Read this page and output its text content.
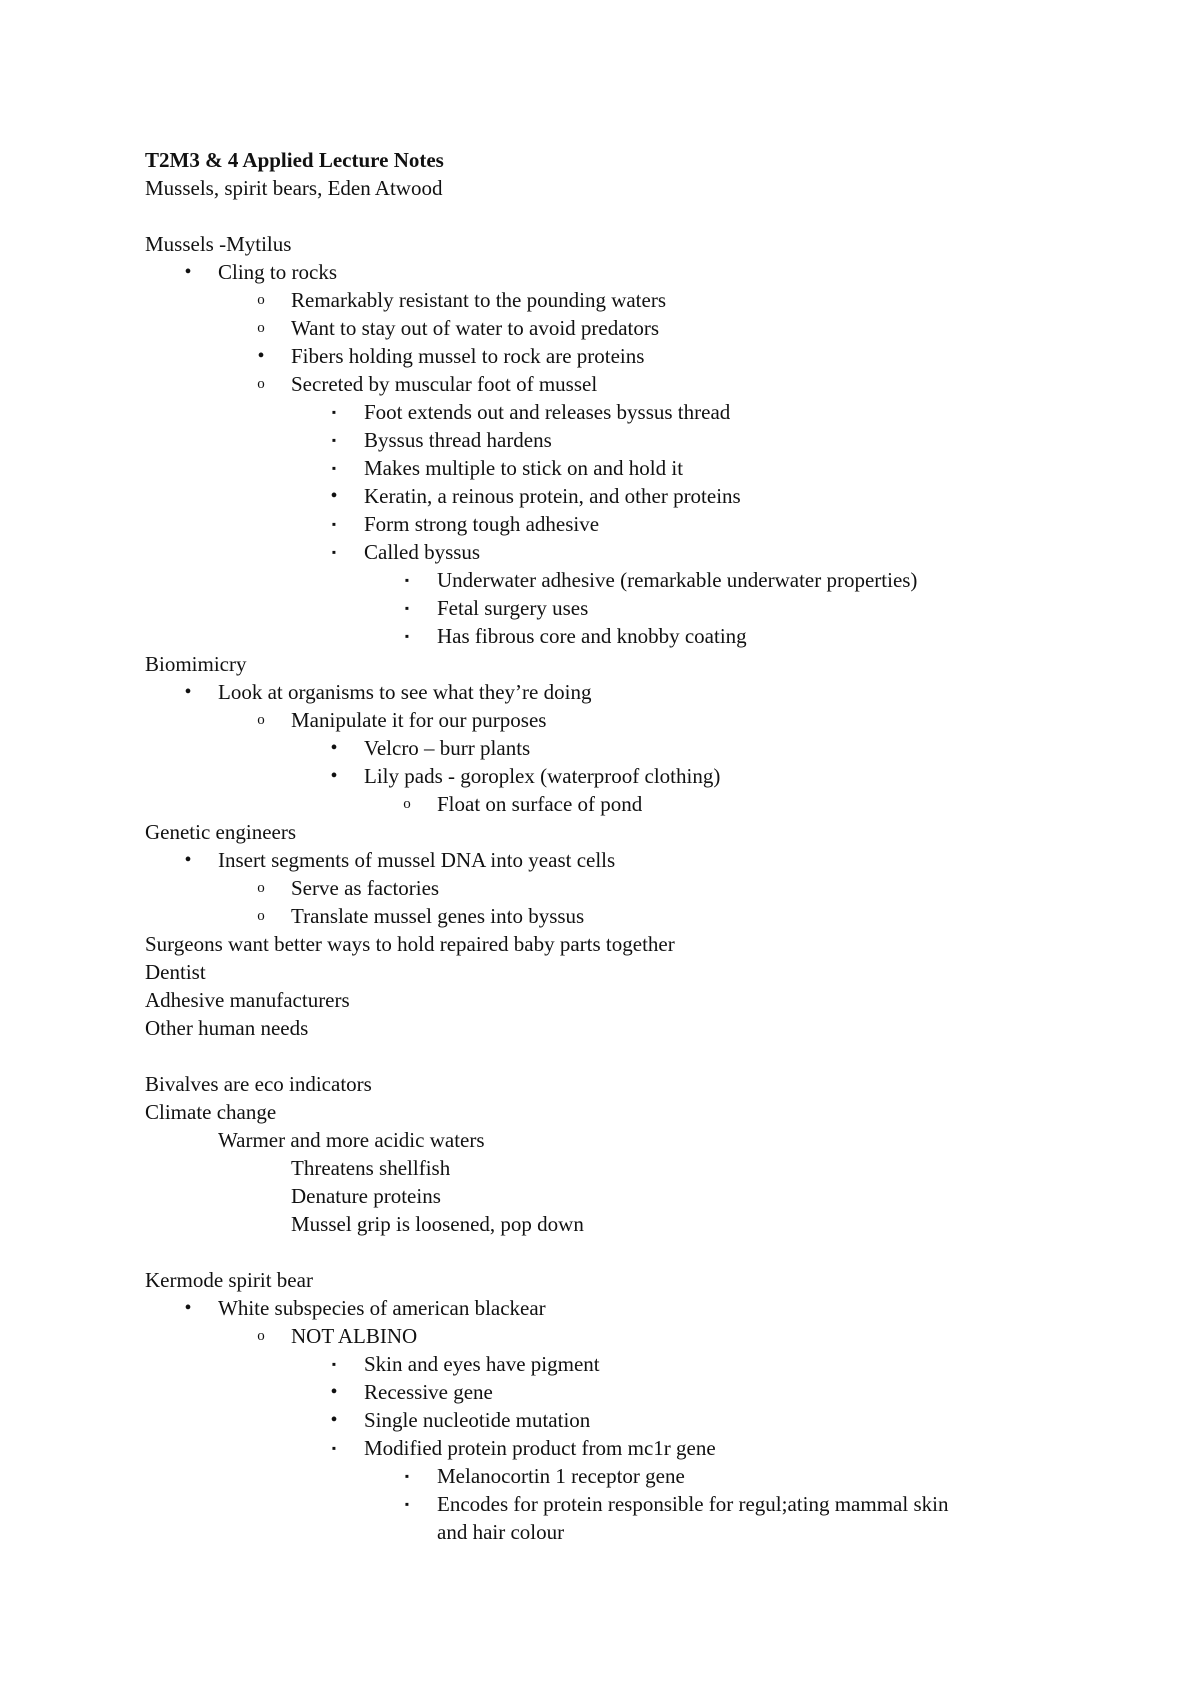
T2M3 & 4 Applied Lecture Notes
Mussels, spirit bears, Eden Atwood
Mussels -Mytilus
•	Cling to rocks
o Remarkably resistant to the pounding waters
o Want to stay out of water to avoid predators
•	Fibers holding mussel to rock are proteins
o Secreted by muscular foot of mussel
▪	Foot extends out and releases byssus thread
▪	Byssus thread hardens
▪	Makes multiple to stick on and hold it
•	Keratin, a reinous protein, and other proteins
▪	Form strong tough adhesive
▪	Called byssus
▪	Underwater adhesive (remarkable underwater properties)
▪	Fetal surgery uses
▪	Has fibrous core and knobby coating
Biomimicry
•	Look at organisms to see what they’re doing
o Manipulate it for our purposes
•	Velcro – burr plants
•	Lily pads - goroplex (waterproof clothing)
o Float on surface of pond
Genetic engineers
•	Insert segments of mussel DNA into yeast cells
o Serve as factories
o Translate mussel genes into byssus
Surgeons want better ways to hold repaired baby parts together
Dentist
Adhesive manufacturers
Other human needs
Bivalves are eco indicators
Climate change
Warmer and more acidic waters
Threatens shellfish
Denature proteins
Mussel grip is loosened, pop down
Kermode spirit bear
•	White subspecies of american blackear
o NOT ALBINO
▪	Skin and eyes have pigment
•	Recessive gene
•	Single nucleotide mutation
▪	Modified protein product from mc1r gene
▪	Melanocortin 1 receptor gene
▪	Encodes for protein responsible for regul;ating mammal skin
and hair colour
